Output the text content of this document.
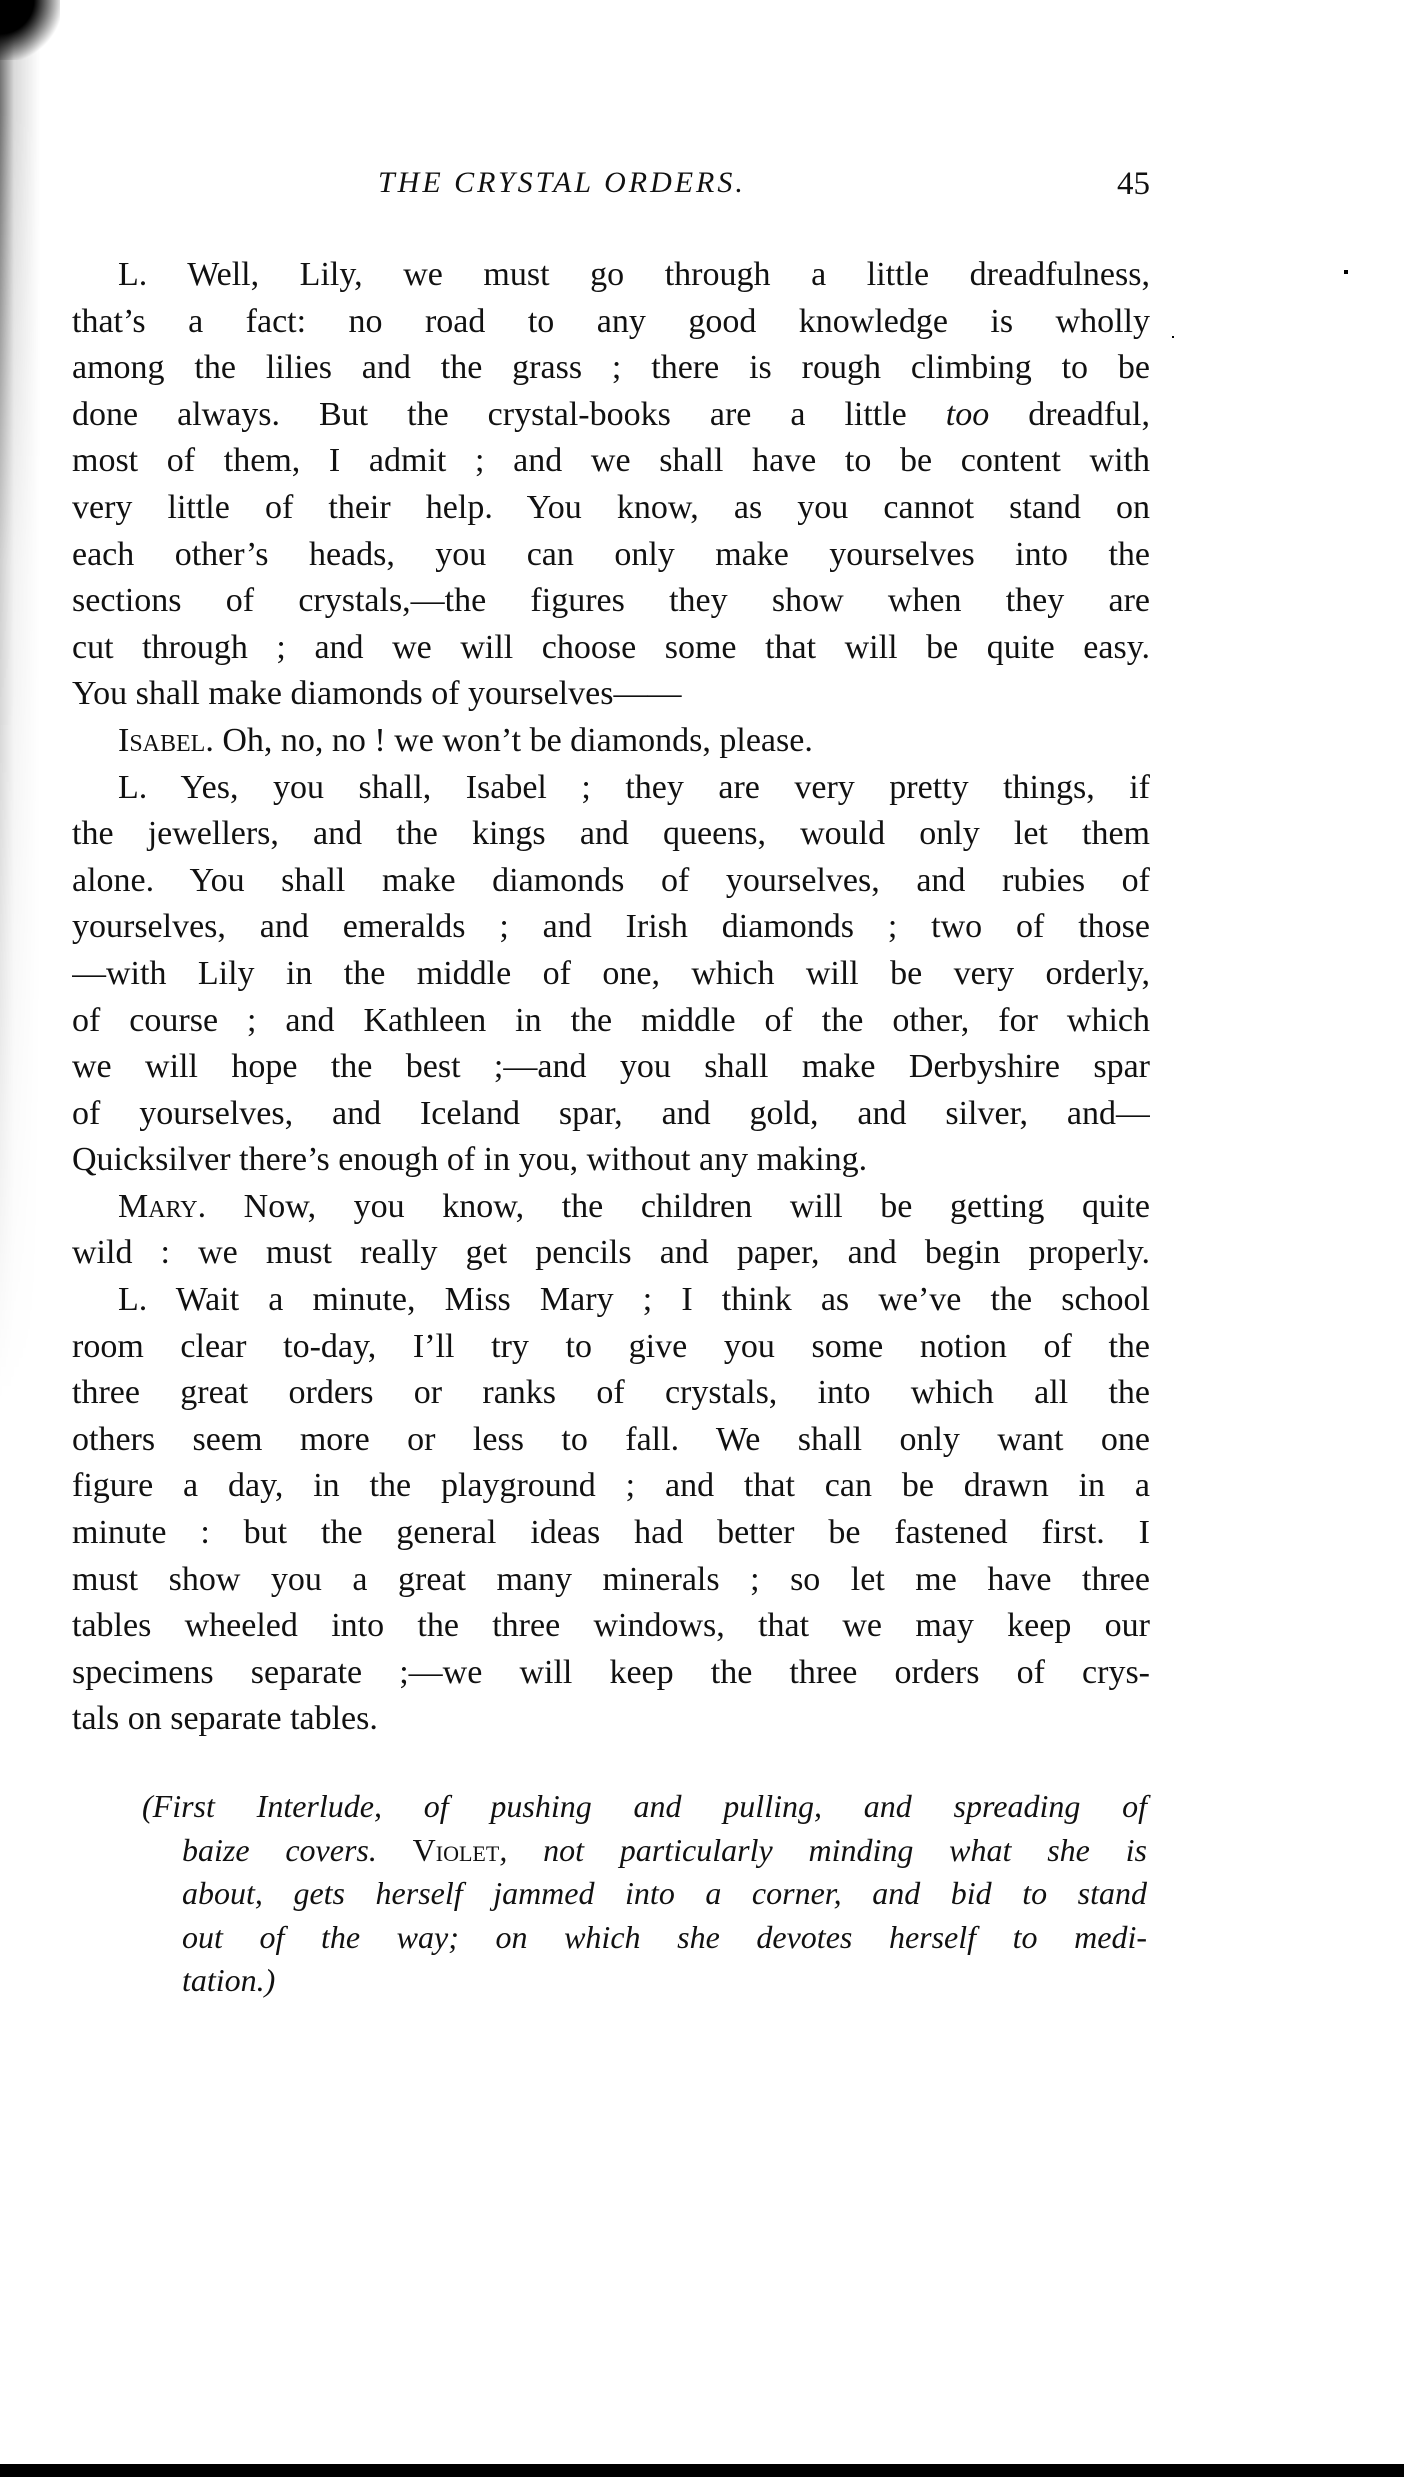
THE CRYSTAL ORDERS.	45
L. Well, Lily, we must go through a little dreadfulness,
that’s a fact: no road to any good knowledge is wholly
among the lilies and the grass ; there is rough climbing to be
done always. But the crystal-books are a little too dreadful,
most of them, I admit ; and we shall have to be content with
very little of their help. You know, as you cannot stand on
each other’s heads, you can only make yourselves into the
sections of crystals,—the figures they show when they are
cut through ; and we will choose some that will be quite easy.
You shall make diamonds of yourselves——
Isabel. Oh, no, no ! we won’t be diamonds, please.
L. Yes, you shall, Isabel ; they are very pretty things, if
the jewellers, and the kings and queens, would only let them
alone. You shall make diamonds of yourselves, and rubies of
yourselves, and emeralds ; and Irish diamonds ; two of those
—with Lily in the middle of one, which will be very orderly,
of course ; and Kathleen in the middle of the other, for which
we will hope the best ;—and you shall make Derbyshire spar
of yourselves, and Iceland spar, and gold, and silver, and—
Quicksilver there’s enough of in you, without any making.
Mary. Now, you know, the children will be getting quite
wild : we must really get pencils and paper, and begin properly.
L. Wait a minute, Miss Mary ; I think as we’ve the school
room clear to-day, I’ll try to give you some notion of the
three great orders or ranks of crystals, into which all the
others seem more or less to fall. We shall only want one
figure a day, in the playground ; and that can be drawn in a
minute : but the general ideas had better be fastened first. I
must show you a great many minerals ; so let me have three
tables wheeled into the three windows, that we may keep our
specimens separate ;—we will keep the three orders of crys-
tals on separate tables.
(First Interlude, of pushing and pulling, and spreading of
baize covers. Violet, not particularly minding what she is
about, gets herself jammed into a corner, and bid to stand
out of the way; on which she devotes herself to medi-
tation.)
